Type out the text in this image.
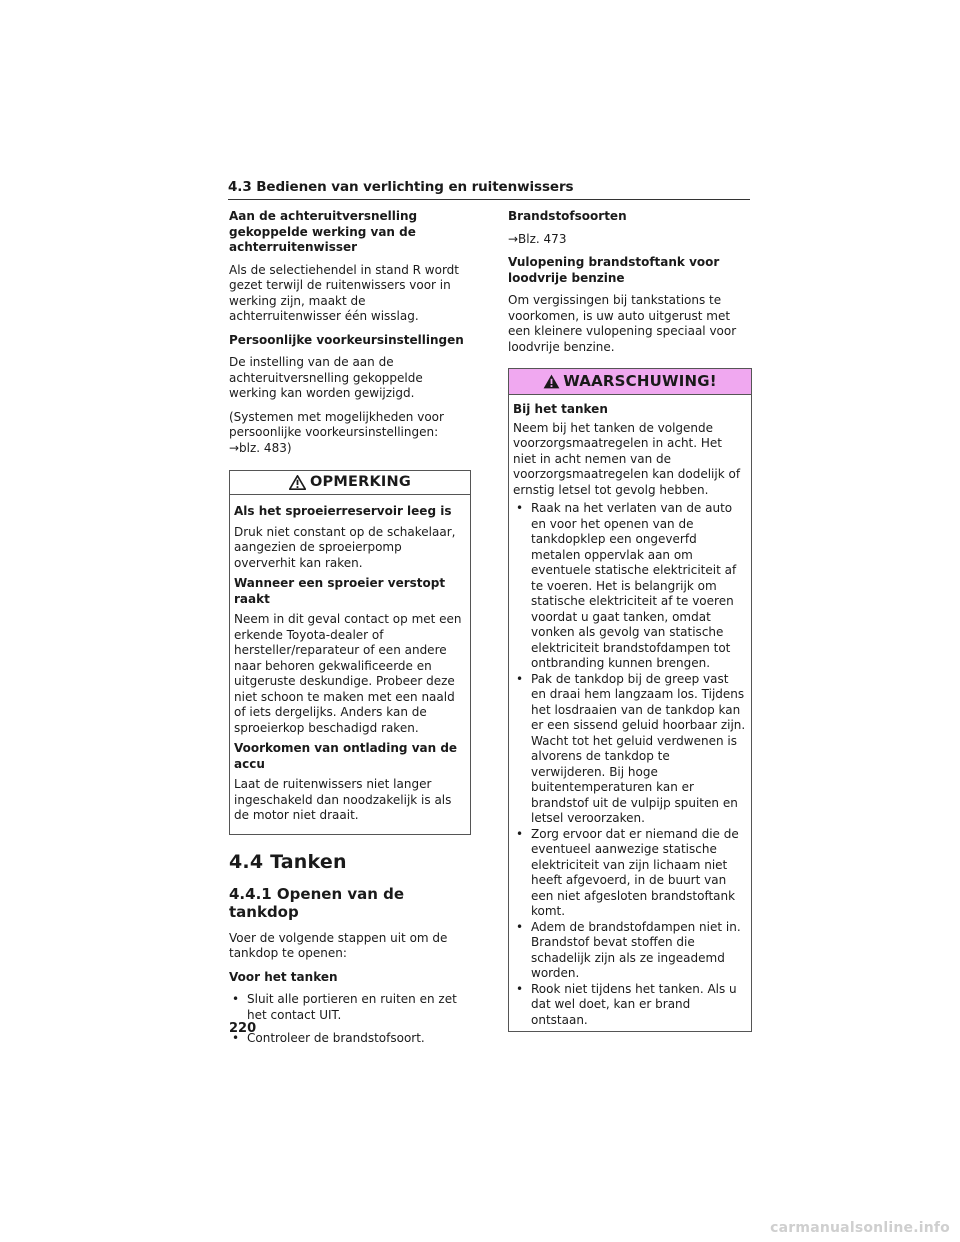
4.3 Bedienen van verlichting en ruitenwissers

Aan de achteruitversnelling gekoppelde werking van de achterruitenwisser

Als de selectiehendel in stand R wordt gezet terwijl de ruitenwissers voor in werking zijn, maakt de achterruitenwisser één wisslag.

Persoonlijke voorkeursinstellingen

De instelling van de aan de achteruitversnelling gekoppelde werking kan worden gewijzigd.

(Systemen met mogelijkheden voor persoonlijke voorkeursinstellingen: →blz. 483)

OPMERKING

Als het sproeierreservoir leeg is

Druk niet constant op de schakelaar, aangezien de sproeierpomp oververhit kan raken.

Wanneer een sproeier verstopt raakt

Neem in dit geval contact op met een erkende Toyota-dealer of hersteller/reparateur of een andere naar behoren gekwalificeerde en uitgeruste deskundige. Probeer deze niet schoon te maken met een naald of iets dergelijks. Anders kan de sproeierkop beschadigd raken.

Voorkomen van ontlading van de accu

Laat de ruitenwissers niet langer ingeschakeld dan noodzakelijk is als de motor niet draait.

4.4 Tanken
4.4.1 Openen van de tankdop

Voer de volgende stappen uit om de tankdop te openen:

Voor het tanken

• Sluit alle portieren en ruiten en zet het contact UIT.
• Controleer de brandstofsoort.

Brandstofsoorten

→Blz. 473

Vulopening brandstoftank voor loodvrije benzine

Om vergissingen bij tankstations te voorkomen, is uw auto uitgerust met een kleinere vulopening speciaal voor loodvrije benzine.

WAARSCHUWING!

Bij het tanken

Neem bij het tanken de volgende voorzorgsmaatregelen in acht. Het niet in acht nemen van de voorzorgsmaatregelen kan dodelijk of ernstig letsel tot gevolg hebben.

• Raak na het verlaten van de auto en voor het openen van de tankdopklep een ongeverfd metalen oppervlak aan om eventuele statische elektriciteit af te voeren. Het is belangrijk om statische elektriciteit af te voeren voordat u gaat tanken, omdat vonken als gevolg van statische elektriciteit brandstofdampen tot ontbranding kunnen brengen.
• Pak de tankdop bij de greep vast en draai hem langzaam los. Tijdens het losdraaien van de tankdop kan er een sissend geluid hoorbaar zijn. Wacht tot het geluid verdwenen is alvorens de tankdop te verwijderen. Bij hoge buitentemperaturen kan er brandstof uit de vulpijp spuiten en letsel veroorzaken.
• Zorg ervoor dat er niemand die de eventueel aanwezige statische elektriciteit van zijn lichaam niet heeft afgevoerd, in de buurt van een niet afgesloten brandstoftank komt.
• Adem de brandstofdampen niet in. Brandstof bevat stoffen die schadelijk zijn als ze ingeademd worden.
• Rook niet tijdens het tanken. Als u dat wel doet, kan er brand ontstaan.
220
carmanualsonline.info
